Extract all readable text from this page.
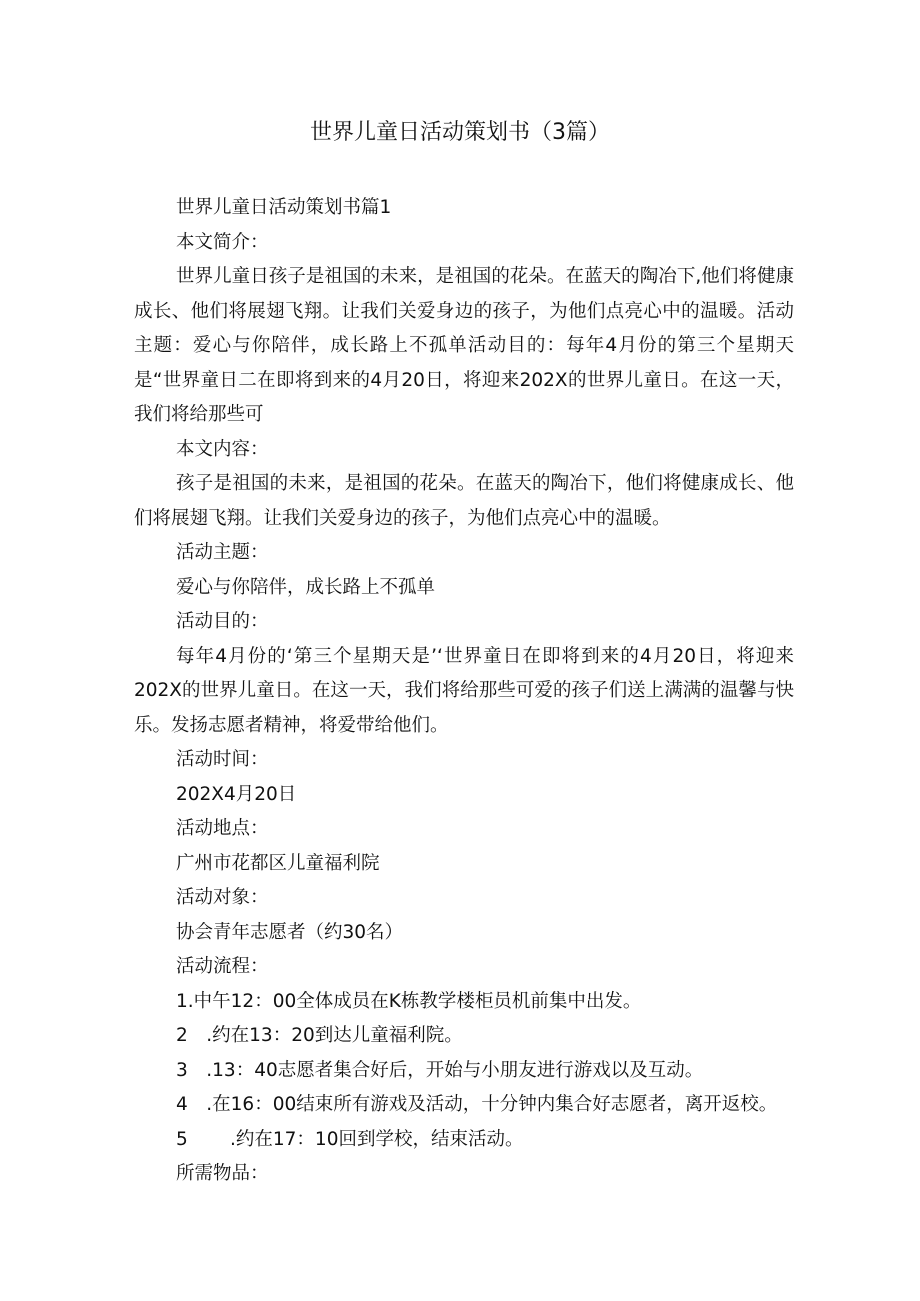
世界儿童日活动策划书（3篇）

世界儿童日活动策划书篇1

本文简介：

世界儿童日孩子是祖国的未来，是祖国的花朵。在蓝天的陶冶下,他们将健康成长、他们将展翅飞翔。让我们关爱身边的孩子，为他们点亮心中的温暖。活动主题：爱心与你陪伴，成长路上不孤单活动目的：每年4月份的第三个星期天是“世界童日二在即将到来的4月20日，将迎来202X的世界儿童日。在这一天，我们将给那些可

本文内容：

孩子是祖国的未来，是祖国的花朵。在蓝天的陶冶下，他们将健康成长、他们将展翅飞翔。让我们关爱身边的孩子，为他们点亮心中的温暖。

活动主题：

爱心与你陪伴，成长路上不孤单

活动目的：

每年4月份的‘第三个星期天是’‘世界童日在即将到来的4月20日，将迎来202X的世界儿童日。在这一天，我们将给那些可爱的孩子们送上满满的温馨与快乐。发扬志愿者精神，将爱带给他们。

活动时间：

202X4月20日

活动地点：

广州市花都区儿童福利院

活动对象：

协会青年志愿者（约30名）

活动流程：

1.中午12：00全体成员在K栋教学楼柜员机前集中出发。

2　.约在13：20到达儿童福利院。

3　.13：40志愿者集合好后，开始与小朋友进行游戏以及互动。

4　.在16：00结束所有游戏及活动，十分钟内集合好志愿者，离开返校。

5 .约在17：10回到学校，结束活动。

所需物品：
